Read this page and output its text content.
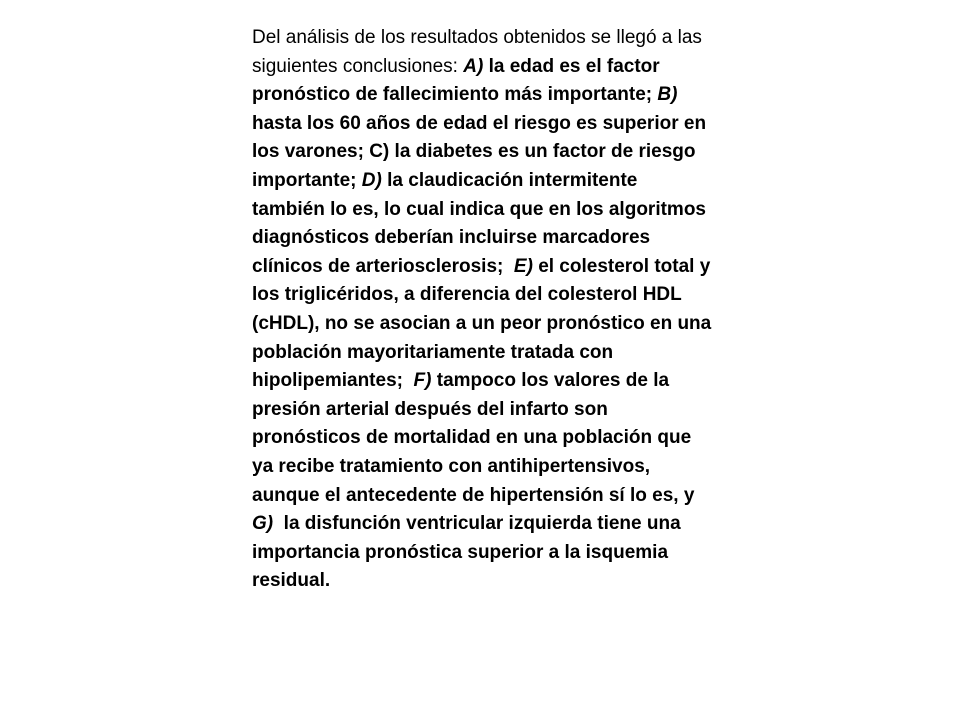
Del análisis de los resultados obtenidos se llegó a las siguientes conclusiones: A) la edad es el factor pronóstico de fallecimiento más importante; B) hasta los 60 años de edad el riesgo es superior en los varones; C) la diabetes es un factor de riesgo importante; D) la claudicación intermitente también lo es, lo cual indica que en los algoritmos diagnósticos deberían incluirse marcadores clínicos de arteriosclerosis; E) el colesterol total y los triglicéridos, a diferencia del colesterol HDL (cHDL), no se asocian a un peor pronóstico en una población mayoritariamente tratada con hipolipemiantes; F) tampoco los valores de la presión arterial después del infarto son pronósticos de mortalidad en una población que ya recibe tratamiento con antihipertensivos, aunque el antecedente de hipertensión sí lo es, y G) la disfunción ventricular izquierda tiene una importancia pronóstica superior a la isquemia residual.
